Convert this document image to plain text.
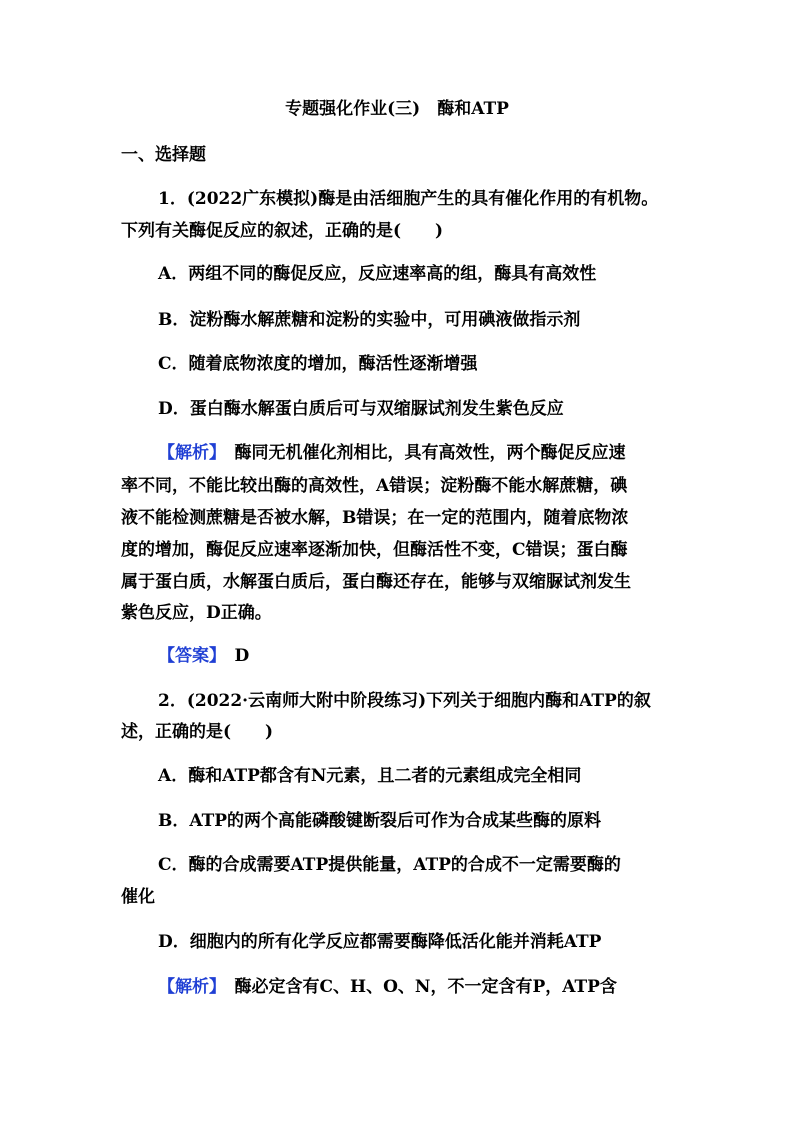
专题强化作业(三)　酶和ATP
一、选择题
1．(2022广东模拟)酶是由活细胞产生的具有催化作用的有机物。
下列有关酶促反应的叙述，正确的是(　　)
A．两组不同的酶促反应，反应速率高的组，酶具有高效性
B．淀粉酶水解蔗糖和淀粉的实验中，可用碘液做指示剂
C．随着底物浓度的增加，酶活性逐渐增强
D．蛋白酶水解蛋白质后可与双缩脲试剂发生紫色反应
【解析】　酶同无机催化剂相比，具有高效性，两个酶促反应速
率不同，不能比较出酶的高效性，A错误；淀粉酶不能水解蔗糖，碘
液不能检测蔗糖是否被水解，B错误；在一定的范围内，随着底物浓
度的增加，酶促反应速率逐渐加快，但酶活性不变，C错误；蛋白酶
属于蛋白质，水解蛋白质后，蛋白酶还存在，能够与双缩脲试剂发生
紫色反应，D正确。
【答案】　D
2．(2022·云南师大附中阶段练习)下列关于细胞内酶和ATP的叙
述，正确的是(　　)
A．酶和ATP都含有N元素，且二者的元素组成完全相同
B．ATP的两个高能磷酸键断裂后可作为合成某些酶的原料
C．酶的合成需要ATP提供能量，ATP的合成不一定需要酶的
催化
D．细胞内的所有化学反应都需要酶降低活化能并消耗ATP
【解析】　酶必定含有C、H、O、N，不一定含有P，ATP含
